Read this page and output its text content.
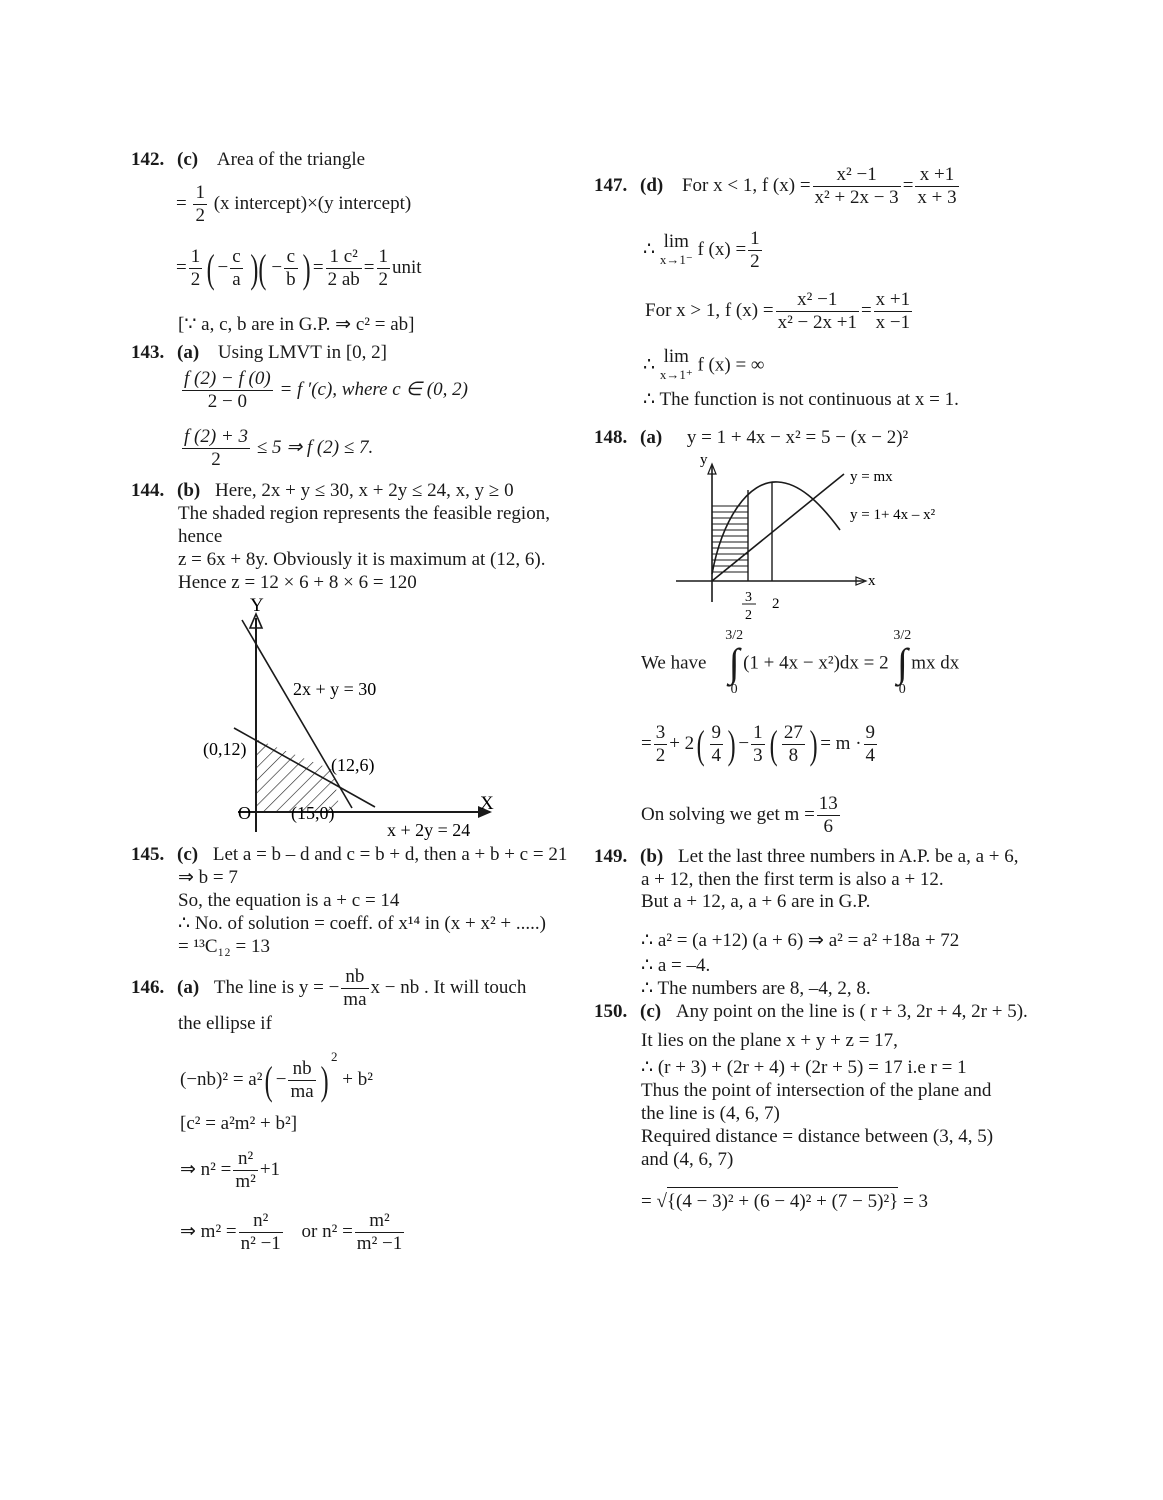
142. (c) Area of the triangle
= $\frac{1}{2} (x$ intercept)×(y intercept)
= $\frac{1}{2}$ ( − $\frac{c}{a}$ )( − $\frac{c}{b}$ ) = $\frac{\text{1 c²}}{2 ab} = \frac{1}{2}$ unit
[∵ a, c, b are in G.P. ⇒ c² = ab]
143. (a) Using LMVT in [0, 2]
$\frac{f (2) - f (0)}{2 - 0} = f$ ′(c), where c ∈ (0, 2)
$\frac{f (2) + 3}{2} \le 5$ ⇒ f (2) ≤ 7.
144. (b) Here, 2x + y ≤ 30, x + 2y ≤ 24, x, y ≥ 0
The shaded region represents the feasible region,
hence
z = 6x + 8y. Obviously it is maximum at (12, 6).
Hence z = 12 × 6 + 8 × 6 = 120
Y
X
O
2x + y = 30
x + 2y = 24
(0,12)
(12,6)
(15,0)
145. (c) Let a = b – d and c = b + d, then a + b + c = 21
⇒ b = 7
So, the equation is a + c = 14
∴ No. of solution = coeff. of x¹⁴ in (x + x² + .....)
= ¹³C₁₂ = 13
146. (a) The line is y = − $\frac{nb}{ma}$ x − nb . It will touch
the ellipse if
$(-nb)^2 = a^2( - \frac{nb}{ma} )^2 + b^2$
[c² = a²m² + b²]
⇒ $n^2 = \frac{\text{n²}}{\text{m²}} +1$
⇒ $m^2 = \frac{\text{n²}}{\text{n² −1}}$ or $n^2 = \frac{\text{m²}}{\text{m² −1}}$
147. (d) For x < 1, f $(x) = \frac{\text{x² −1}}{\text{x² + 2x − 3}} = \frac{x +1}{x + 3}$
∴ lim
x→1⁻ f $(x) = \frac{1}{2}$
For x > 1, f $(x) = \frac{\text{x² −1}}{\text{x² − 2x +1}} = \frac{x +1}{x -1}$
∴ lim
x→1⁺ f (x) = ∞
∴ The function is not continuous at x = 1.
148. (a) y = 1 + 4x − x² = 5 − (x − 2)²
y
x
y = mx
y = 1+ 4x – x²
3
2
2
We have 3/2
∫
0(1 + 4x − x²)dx = 2 3/2
∫
0mx dx
= $\frac{3}{2} + 2( \frac{9}{4}$ ) − $\frac{1}{3}$ ( $\frac{27}{8}$ ) = $m \cdot \frac{9}{4}$
On solving we get $m = \frac{13}{6}$
149. (b) Let the last three numbers in A.P. be a, a + 6,
a + 12, then the first term is also a + 12.
But a + 12, a, a + 6 are in G.P.
∴ a² = (a +12) (a + 6) ⇒ a² = a² +18a + 72
∴ a = –4.
∴ The numbers are 8, –4, 2, 8.
150. (c) Any point on the line is ( r + 3, 2r + 4, 2r + 5).
It lies on the plane x + y + z = 17,
∴ (r + 3) + (2r + 4) + (2r + 5) = 17 i.e r = 1
Thus the point of intersection of the plane and
the line is (4, 6, 7)
Required distance = distance between (3, 4, 5)
and (4, 6, 7)
= √{(4 − 3)² + (6 − 4)² + (7 − 5)²} = 3
